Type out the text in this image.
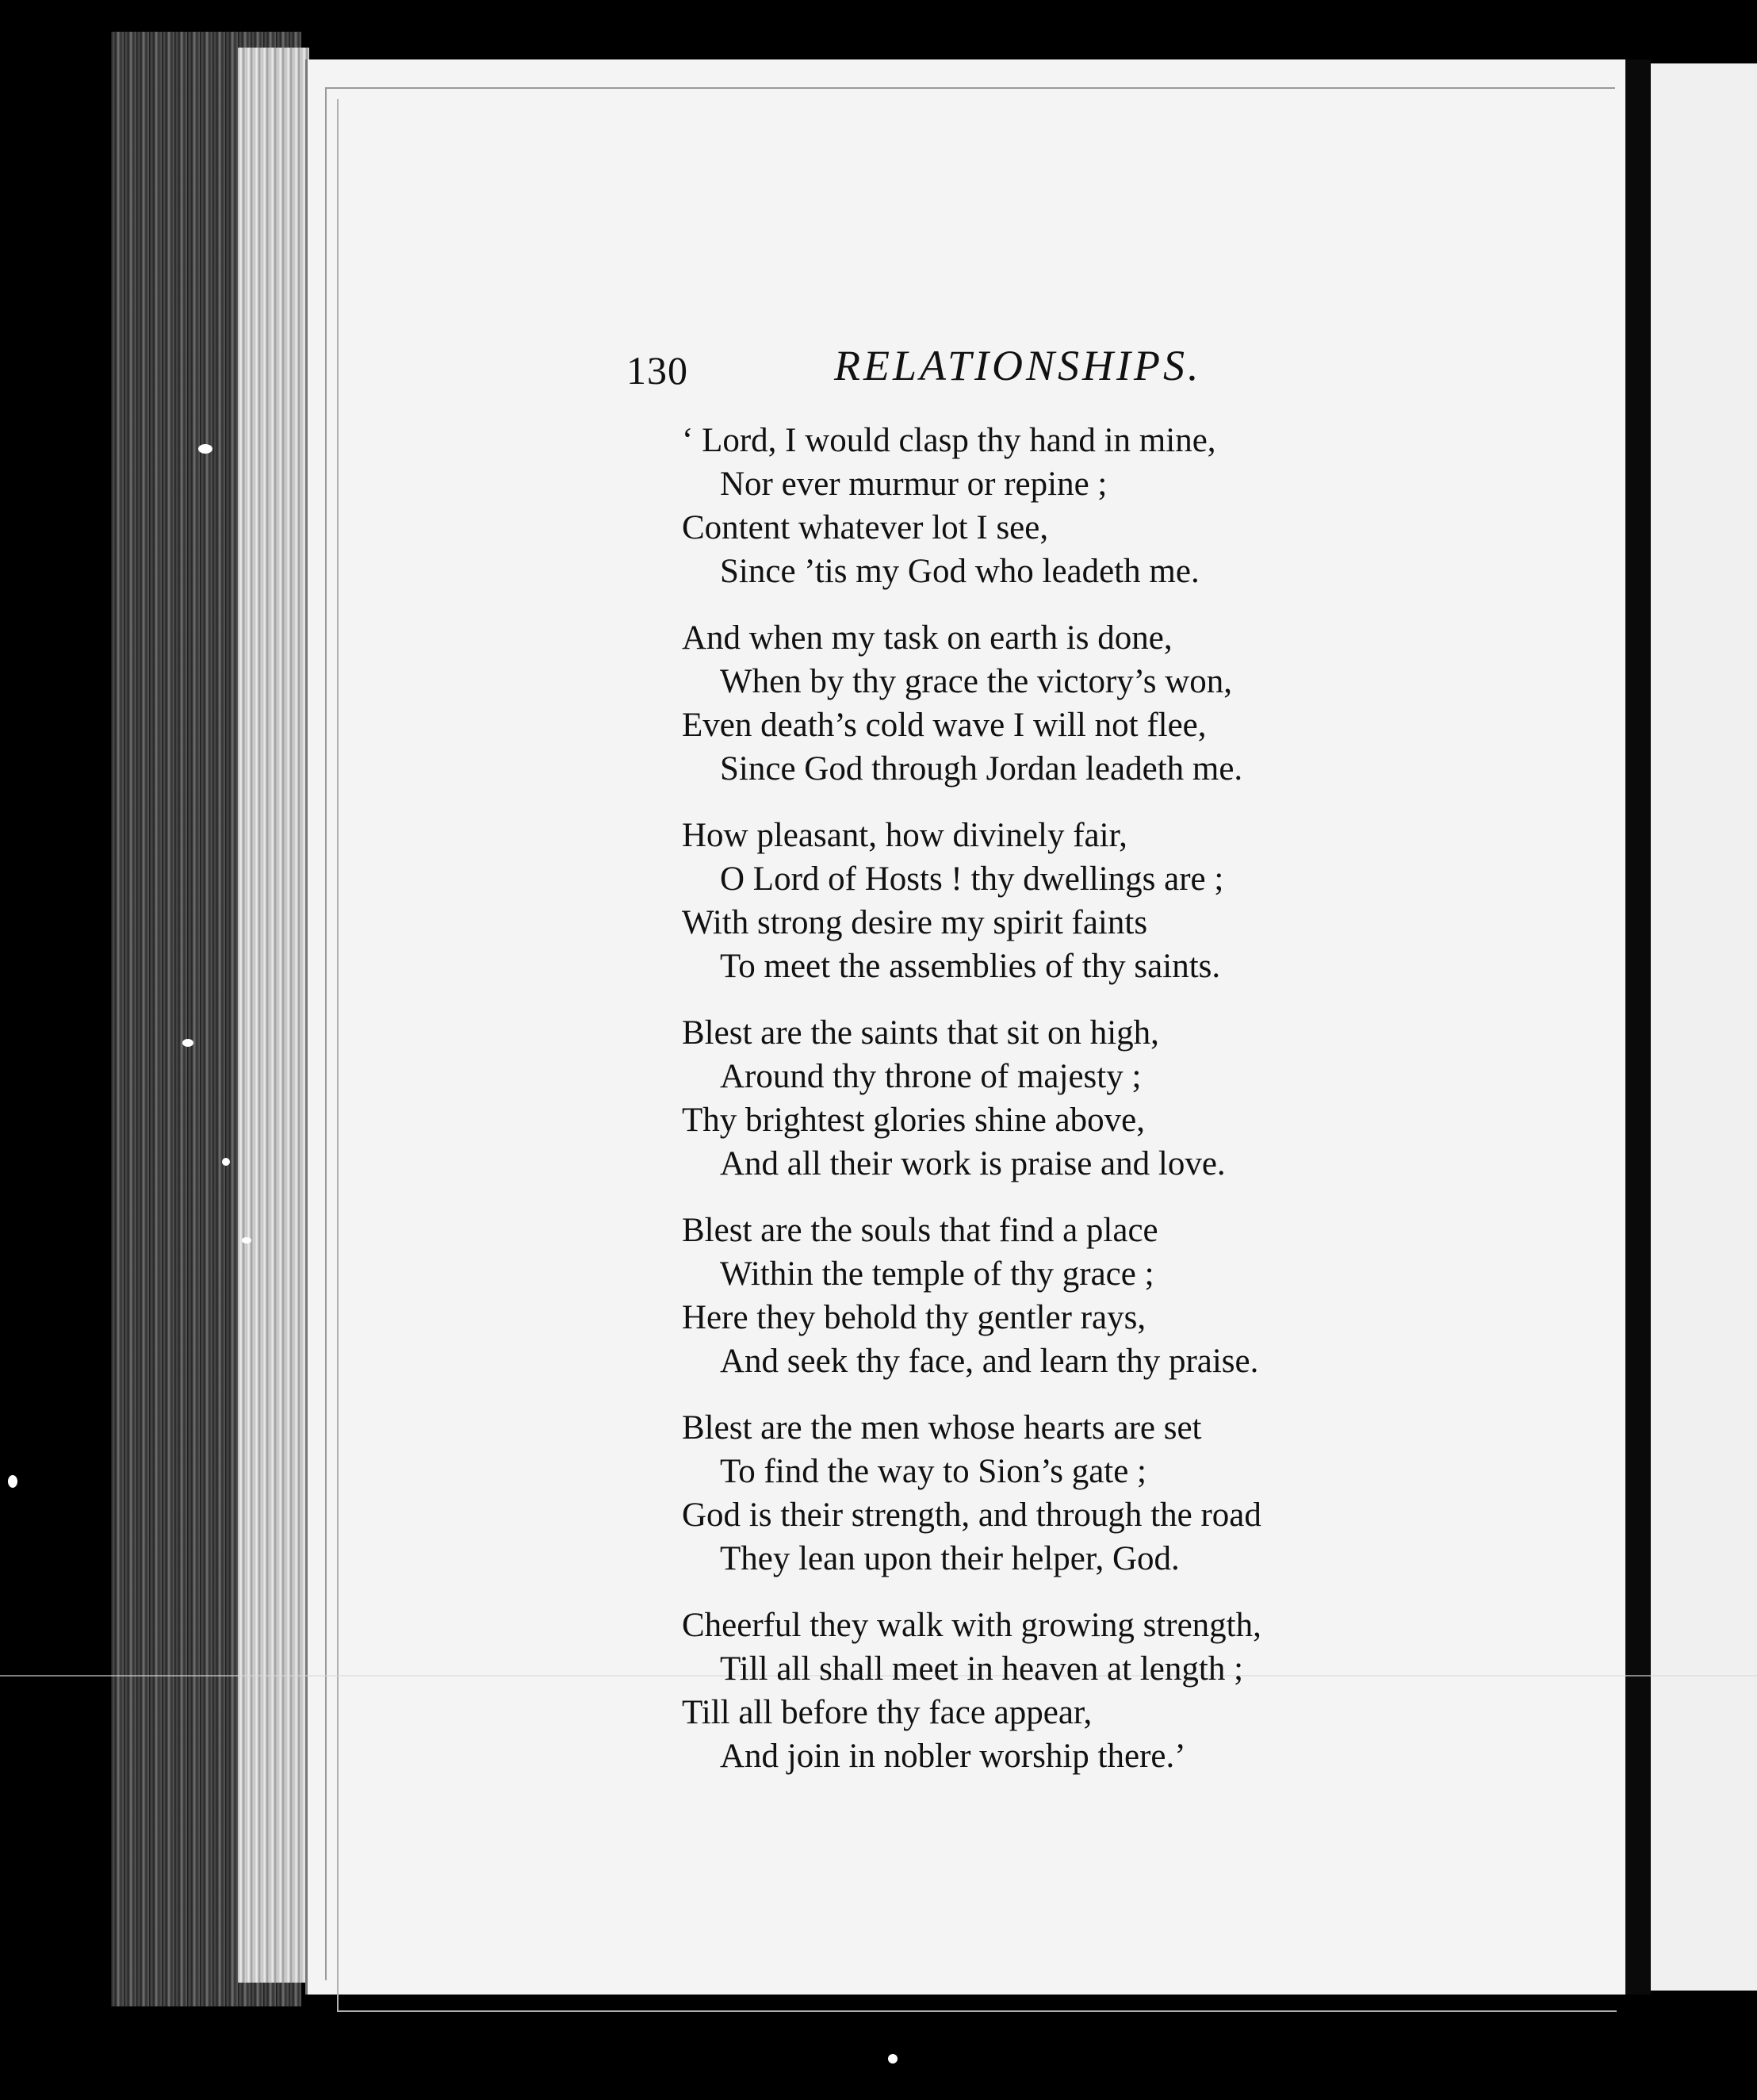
130	RELATIONSHIPS.
‘ Lord, I would clasp thy hand in mine,
Nor ever murmur or repine ;
Content whatever lot I see,
Since ’tis my God who leadeth me.
And when my task on earth is done,
When by thy grace the victory’s won,
Even death’s cold wave I will not flee,
Since God through Jordan leadeth me.
How pleasant, how divinely fair,
O Lord of Hosts ! thy dwellings are ;
With strong desire my spirit faints
To meet the assemblies of thy saints.
Blest are the saints that sit on high,
Around thy throne of majesty ;
Thy brightest glories shine above,
And all their work is praise and love.
Blest are the souls that find a place
Within the temple of thy grace ;
Here they behold thy gentler rays,
And seek thy face, and learn thy praise.
Blest are the men whose hearts are set
To find the way to Sion’s gate ;
God is their strength, and through the road
They lean upon their helper, God.
Cheerful they walk with growing strength,
Till all shall meet in heaven at length ;
Till all before thy face appear,
And join in nobler worship there.’
